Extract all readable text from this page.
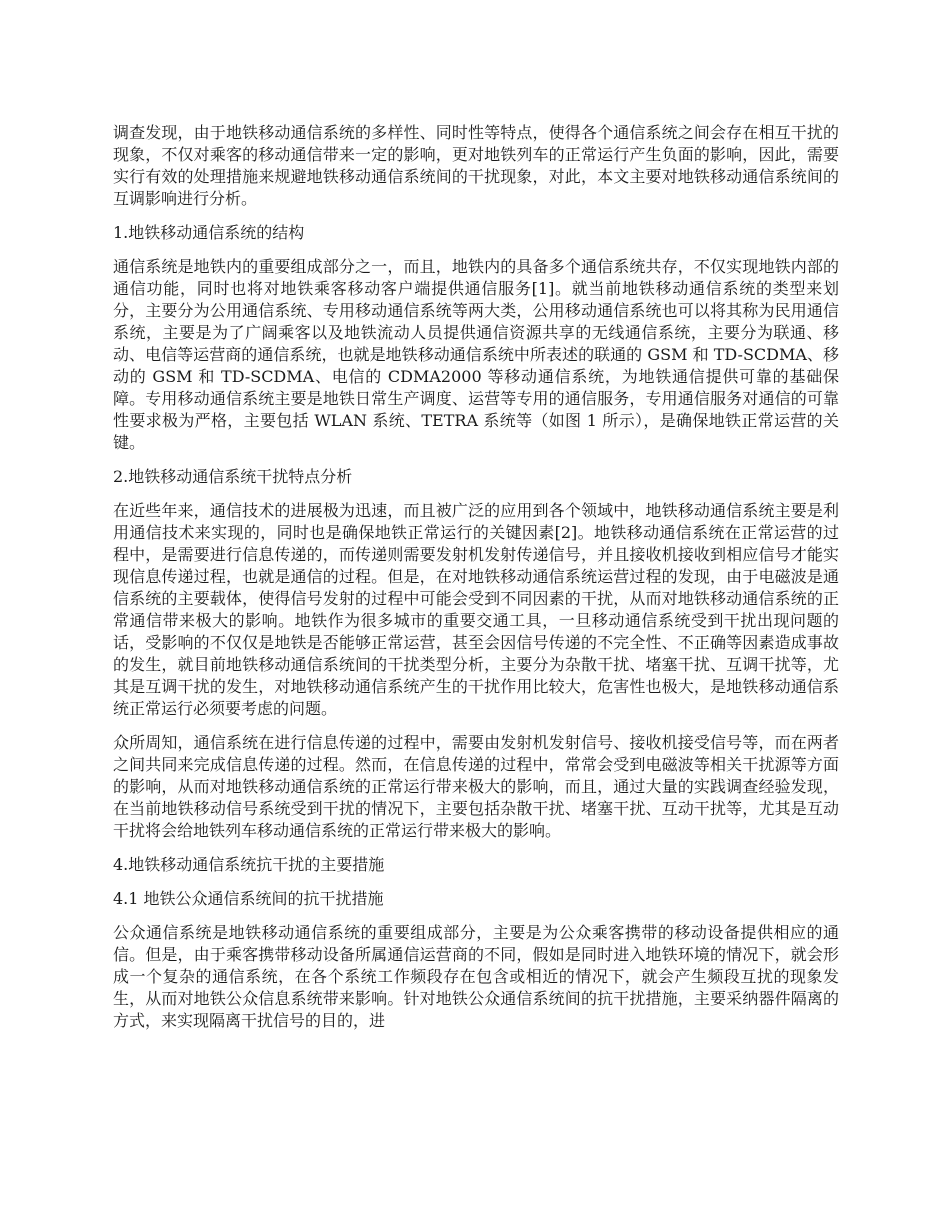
调查发现，由于地铁移动通信系统的多样性、同时性等特点，使得各个通信系统之间会存在相互干扰的现象，不仅对乘客的移动通信带来一定的影响，更对地铁列车的正常运行产生负面的影响，因此，需要实行有效的处理措施来规避地铁移动通信系统间的干扰现象，对此，本文主要对地铁移动通信系统间的互调影响进行分析。

1.地铁移动通信系统的结构

通信系统是地铁内的重要组成部分之一，而且，地铁内的具备多个通信系统共存，不仅实现地铁内部的通信功能，同时也将对地铁乘客移动客户端提供通信服务[1]。就当前地铁移动通信系统的类型来划分，主要分为公用通信系统、专用移动通信系统等两大类，公用移动通信系统也可以将其称为民用通信系统，主要是为了广阔乘客以及地铁流动人员提供通信资源共享的无线通信系统，主要分为联通、移动、电信等运营商的通信系统，也就是地铁移动通信系统中所表述的联通的 GSM 和 TD-SCDMA、移动的 GSM 和 TD-SCDMA、电信的 CDMA2000 等移动通信系统，为地铁通信提供可靠的基础保障。专用移动通信系统主要是地铁日常生产调度、运营等专用的通信服务，专用通信服务对通信的可靠性要求极为严格，主要包括 WLAN 系统、TETRA 系统等（如图 1 所示），是确保地铁正常运营的关键。

2.地铁移动通信系统干扰特点分析

在近些年来，通信技术的进展极为迅速，而且被广泛的应用到各个领域中，地铁移动通信系统主要是利用通信技术来实现的，同时也是确保地铁正常运行的关键因素[2]。地铁移动通信系统在正常运营的过程中，是需要进行信息传递的，而传递则需要发射机发射传递信号，并且接收机接收到相应信号才能实现信息传递过程，也就是通信的过程。但是，在对地铁移动通信系统运营过程的发现，由于电磁波是通信系统的主要载体，使得信号发射的过程中可能会受到不同因素的干扰，从而对地铁移动通信系统的正常通信带来极大的影响。地铁作为很多城市的重要交通工具，一旦移动通信系统受到干扰出现问题的话，受影响的不仅仅是地铁是否能够正常运营，甚至会因信号传递的不完全性、不正确等因素造成事故的发生，就目前地铁移动通信系统间的干扰类型分析，主要分为杂散干扰、堵塞干扰、互调干扰等，尤其是互调干扰的发生，对地铁移动通信系统产生的干扰作用比较大，危害性也极大，是地铁移动通信系统正常运行必须要考虑的问题。

众所周知，通信系统在进行信息传递的过程中，需要由发射机发射信号、接收机接受信号等，而在两者之间共同来完成信息传递的过程。然而，在信息传递的过程中，常常会受到电磁波等相关干扰源等方面的影响，从而对地铁移动通信系统的正常运行带来极大的影响，而且，通过大量的实践调查经验发现，在当前地铁移动信号系统受到干扰的情况下，主要包括杂散干扰、堵塞干扰、互动干扰等，尤其是互动干扰将会给地铁列车移动通信系统的正常运行带来极大的影响。

4.地铁移动通信系统抗干扰的主要措施
4.1 地铁公众通信系统间的抗干扰措施

公众通信系统是地铁移动通信系统的重要组成部分，主要是为公众乘客携带的移动设备提供相应的通信。但是，由于乘客携带移动设备所属通信运营商的不同，假如是同时进入地铁环境的情况下，就会形成一个复杂的通信系统，在各个系统工作频段存在包含或相近的情况下，就会产生频段互扰的现象发生，从而对地铁公众信息系统带来影响。针对地铁公众通信系统间的抗干扰措施，主要采纳器件隔离的方式，来实现隔离干扰信号的目的，进
